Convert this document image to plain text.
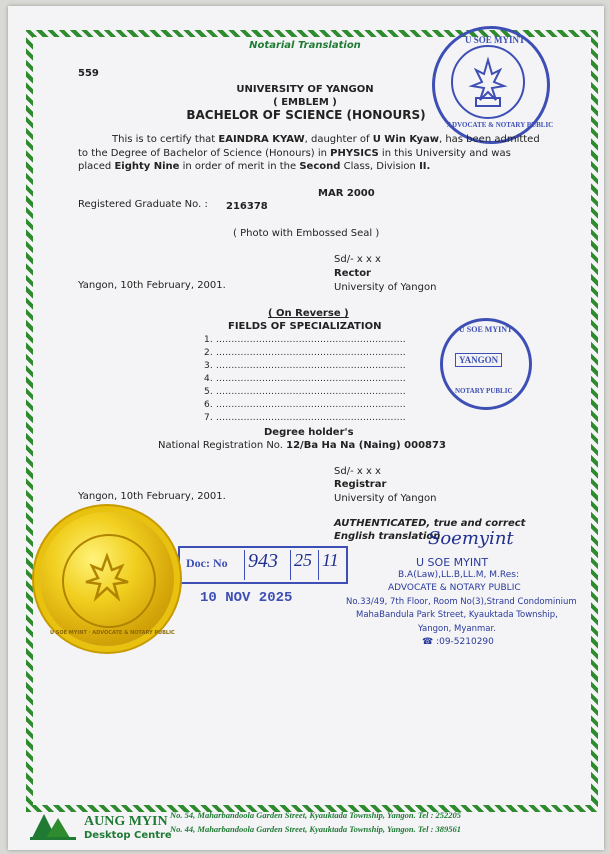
Notarial Translation
559
U SOE MYINT
ADVOCATE & NOTARY PUBLIC
UNIVERSITY OF YANGON
( EMBLEM )
BACHELOR OF SCIENCE (HONOURS)
This is to certify that EAINDRA KYAW, daughter of U Win Kyaw, has been admitted
to the Degree of Bachelor of Science (Honours) in PHYSICS in this University and was
placed Eighty Nine in order of merit in the Second Class, Division II.
MAR 2000
Registered Graduate No. : 216378
( Photo with Embossed Seal )
Sd/- x x x
Rector
University of Yangon
Yangon, 10th February, 2001.
( On Reverse )
FIELDS OF SPECIALIZATION
1. ..............................................................
2. ..............................................................
3. ..............................................................
4. ..............................................................
5. ..............................................................
6. ..............................................................
7. ..............................................................
U SOE MYINT
YANGON
NOTARY PUBLIC
Degree holder's
National Registration No. 12/Ba Ha Na (Naing) 000873
Sd/- x x x
Registrar
University of Yangon
Yangon, 10th February, 2001.
AUTHENTICATED, true and correct
English translation
Soemyint
U SOE MYINT
B.A(Law),LL.B,LL.M, M.Res:
ADVOCATE & NOTARY PUBLIC
No.33/49, 7th Floor, Room No(3),Strand Condominium
MahaBandula Park Street, Kyauktada Township,
Yangon, Myanmar.
☎ :09-5210290
Doc: No 943 25 11
10 NOV 2025
U SOE MYINT · ADVOCATE & NOTARY PUBLIC
AUNG MYIN
Desktop Centre
No. 54, Maharbandoola Garden Street, Kyauktada Township, Yangon. Tel : 252205
No. 44, Maharbandoola Garden Street, Kyauktada Township, Yangon. Tel : 389561
